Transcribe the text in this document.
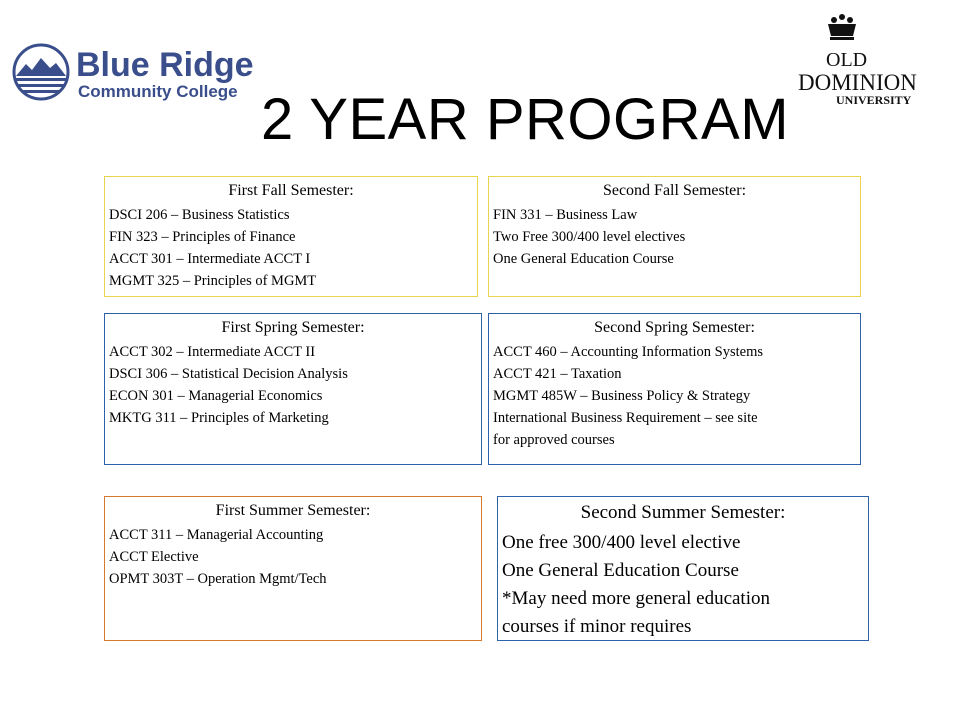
Blue Ridge
Community College
OLD
DOMINION
UNIVERSITY
2 YEAR PROGRAM
First Fall Semester:
DSCI 206 – Business Statistics
FIN 323 – Principles of Finance
ACCT 301 – Intermediate ACCT I
MGMT 325 – Principles of MGMT
Second Fall Semester:
FIN 331 – Business Law
Two Free 300/400 level electives
One General Education Course
First Spring Semester:
ACCT 302 – Intermediate ACCT II
DSCI 306 – Statistical Decision Analysis
ECON 301 – Managerial Economics
MKTG 311 – Principles of Marketing
Second Spring Semester:
ACCT 460 – Accounting Information Systems
ACCT 421 – Taxation
MGMT 485W – Business Policy & Strategy
International Business Requirement – see site
for approved courses
First Summer Semester:
ACCT 311 – Managerial Accounting
ACCT Elective
OPMT 303T – Operation Mgmt/Tech
Second Summer Semester:
One free 300/400 level elective
One General Education Course
*May need more general education
courses if minor requires
